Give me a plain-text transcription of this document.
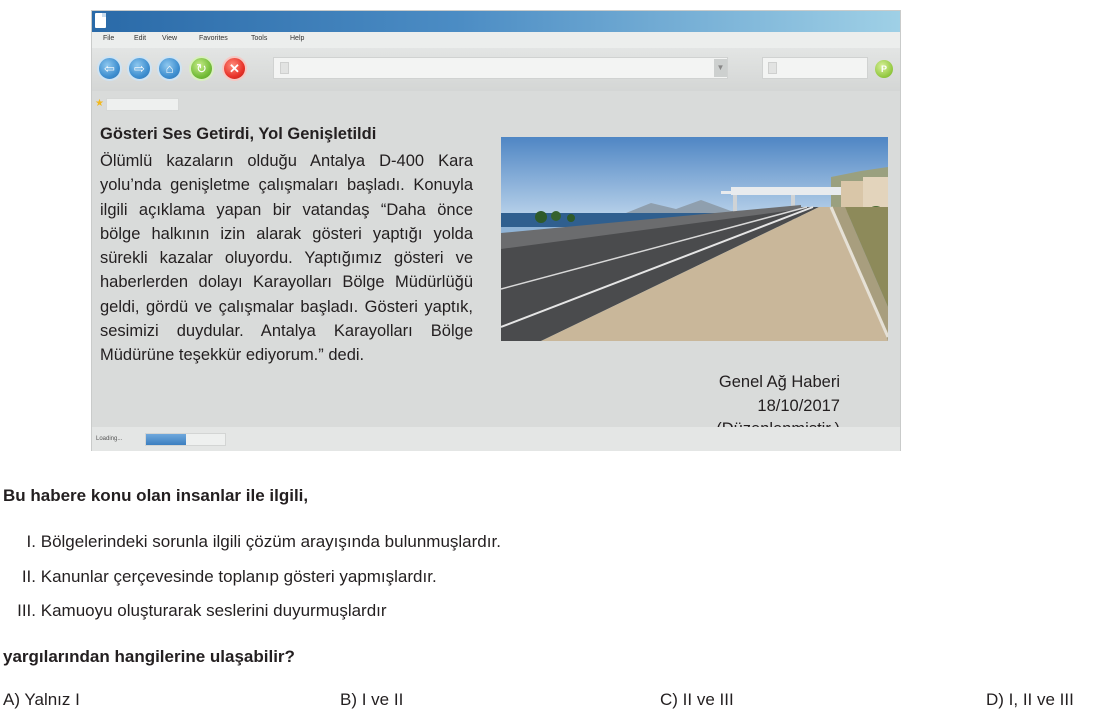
File	Edit View	Favorites	Tools	Help
⇦	⇨	⌂	↻	✕	▼	P
★
Gösteri Ses Getirdi, Yol Genişletildi

Ölümlü kazaların olduğu Antalya D-400 Kara yolu’nda genişletme çalışmaları başladı. Konuyla ilgili açıklama yapan bir vatandaş “Daha önce bölge halkının izin alarak gösteri yaptığı yolda sürekli kazalar oluyordu. Yaptığımız gösteri ve haberlerden dolayı Karayolları Bölge Müdürlüğü geldi, gördü ve çalışmalar başladı. Gösteri yaptık, sesimizi duydular. Antalya Karayolları Bölge Müdürüne teşekkür ediyorum.” dedi.

Genel Ağ Haberi
18/10/2017
Loading...
Bu habere konu olan insanlar ile ilgili,
I. Bölgelerindeki sorunla ilgili çözüm arayışında bulunmuşlardır.
II. Kanunlar çerçevesinde toplanıp gösteri yapmışlardır.
III. Kamuoyu oluşturarak seslerini duyurmuşlardır
yargılarından hangilerine ulaşabilir?
A) Yalnız I	B) I ve II	C) II ve III	D) I, II ve III
